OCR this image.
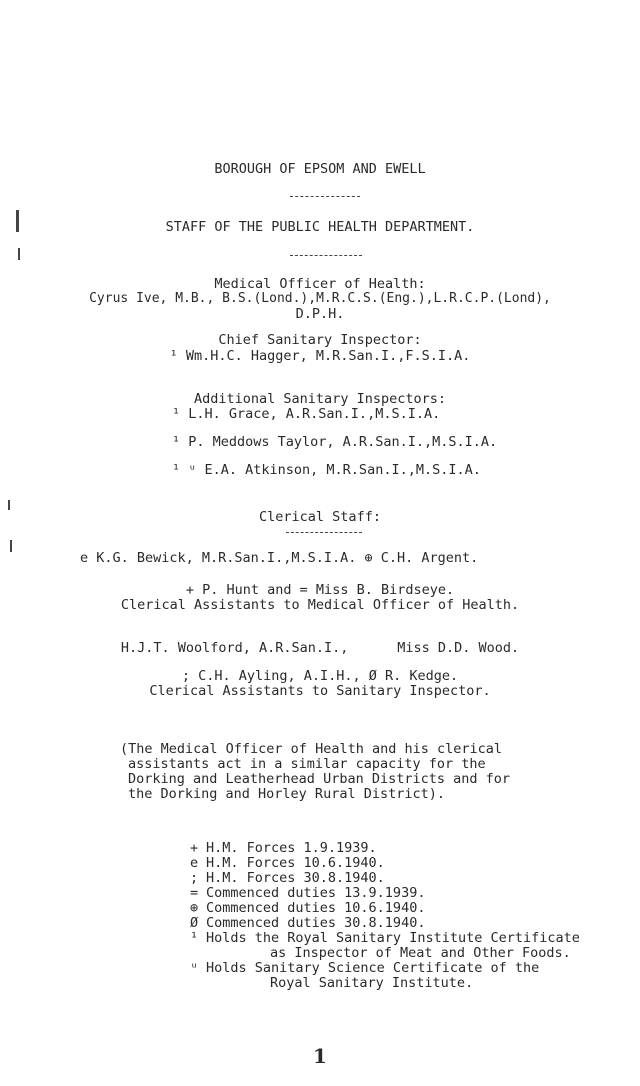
BOROUGH OF EPSOM AND EWELL
STAFF OF THE PUBLIC HEALTH DEPARTMENT.
Medical Officer of Health:
Cyrus Ive, M.B., B.S.(Lond.),M.R.C.S.(Eng.),L.R.C.P.(Lond),
D.P.H.
Chief Sanitary Inspector:
¹ Wm.H.C. Hagger, M.R.San.I.,F.S.I.A.
Additional Sanitary Inspectors:
¹ L.H. Grace, A.R.San.I.,M.S.I.A.
¹ P. Meddows Taylor, A.R.San.I.,M.S.I.A.
¹ ᵘ E.A. Atkinson, M.R.San.I.,M.S.I.A.
Clerical Staff:
e K.G. Bewick, M.R.San.I.,M.S.I.A. ⊕ C.H. Argent.
+ P. Hunt and = Miss B. Birdseye.
Clerical Assistants to Medical Officer of Health.
H.J.T. Woolford, A.R.San.I.,      Miss D.D. Wood.
; C.H. Ayling, A.I.H., Ø R. Kedge.
Clerical Assistants to Sanitary Inspector.
(The Medical Officer of Health and his clerical
assistants act in a similar capacity for the
Dorking and Leatherhead Urban Districts and for
the Dorking and Horley Rural District).
+ H.M. Forces 1.9.1939.
e H.M. Forces 10.6.1940.
; H.M. Forces 30.8.1940.
= Commenced duties 13.9.1939.
⊕ Commenced duties 10.6.1940.
Ø Commenced duties 30.8.1940.
¹ Holds the Royal Sanitary Institute Certificate
as Inspector of Meat and Other Foods.
ᵘ Holds Sanitary Science Certificate of the
Royal Sanitary Institute.
1
